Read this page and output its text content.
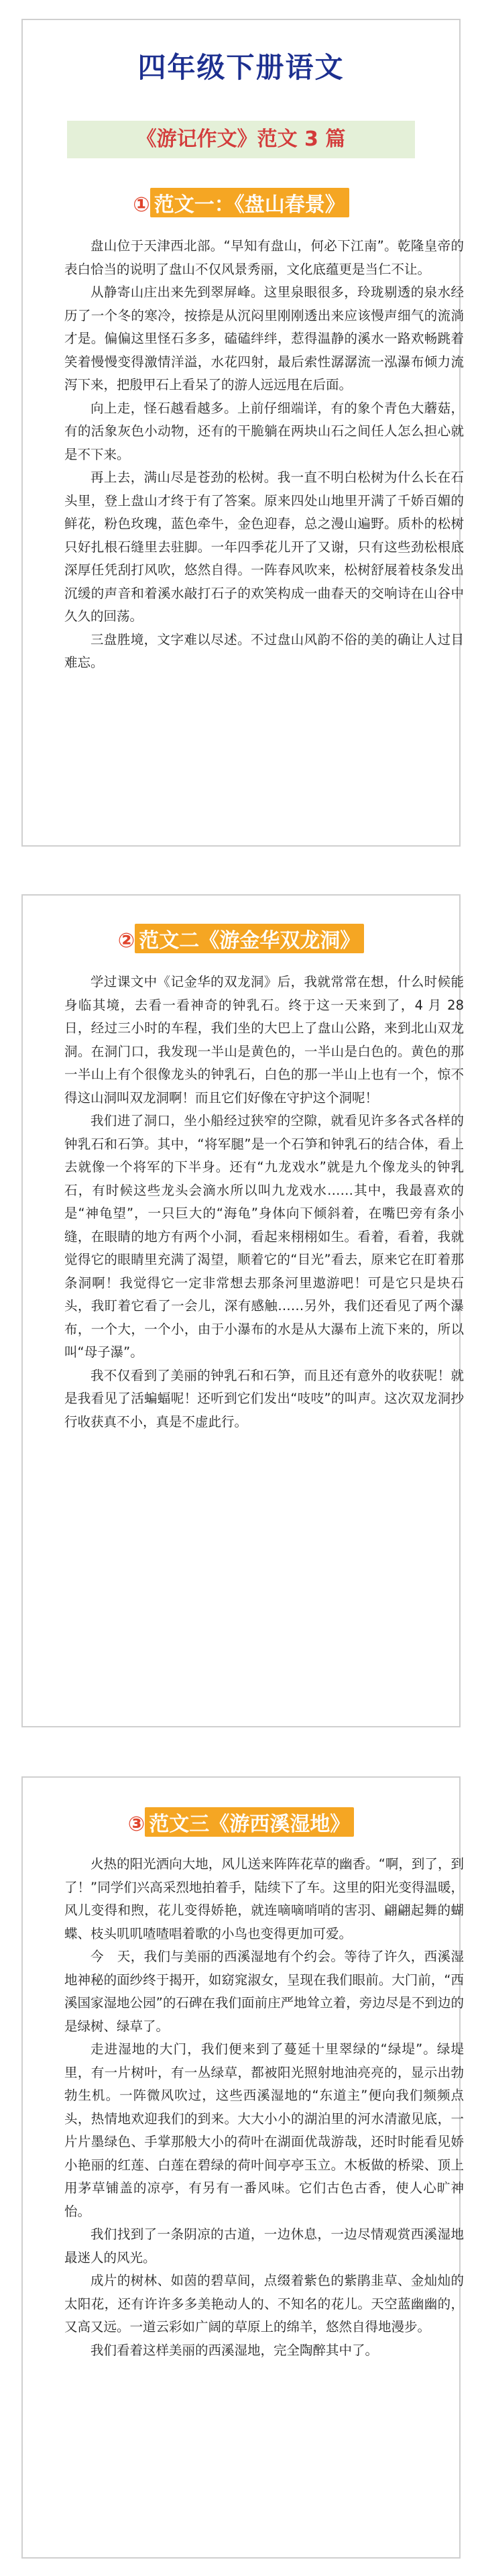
四年级下册语文
《游记作文》范文 3 篇
① 范文一：《盘山春景》

盘山位于天津西北部。“早知有盘山，何必下江南”。乾隆皇帝的表白恰当的说明了盘山不仅风景秀丽，文化底蕴更是当仁不让。

从静寄山庄出来先到翠屏峰。这里泉眼很多，玲珑剔透的泉水经历了一个冬的寒冷，按捺是从沉闷里刚刚透出来应该慢声细气的流淌才是。偏偏这里怪石多多，磕磕绊绊，惹得温静的溪水一路欢畅跳着笑着慢慢变得激情洋溢，水花四射，最后索性潺潺流一泓瀑布倾力流泻下来，把殷甲石上看呆了的游人远远甩在后面。

向上走，怪石越看越多。上前仔细端详，有的象个青色大蘑菇，有的活象灰色小动物，还有的干脆躺在两块山石之间任人怎么担心就是不下来。

再上去，满山尽是苍劲的松树。我一直不明白松树为什么长在石头里，登上盘山才终于有了答案。原来四处山地里开满了千娇百媚的鲜花，粉色玫瑰，蓝色牵牛，金色迎春，总之漫山遍野。质朴的松树只好扎根石缝里去驻脚。一年四季花儿开了又谢，只有这些劲松根底深厚任凭刮打风吹，悠然自得。一阵春风吹来，松树舒展着枝条发出沉缓的声音和着溪水敲打石子的欢笑构成一曲春天的交响诗在山谷中久久的回荡。

三盘胜境，文字难以尽述。不过盘山风韵不俗的美的确让人过目难忘。

② 范文二《游金华双龙洞》

学过课文中《记金华的双龙洞》后，我就常常在想，什么时候能身临其境，去看一看神奇的钟乳石。终于这一天来到了，4 月 28 日，经过三小时的车程，我们坐的大巴上了盘山公路，来到北山双龙洞。在洞门口，我发现一半山是黄色的，一半山是白色的。黄色的那一半山上有个很像龙头的钟乳石，白色的那一半山上也有一个，惊不得这山洞叫双龙洞啊！而且它们好像在守护这个洞呢！

我们进了洞口，坐小船经过狭窄的空隙，就看见许多各式各样的钟乳石和石笋。其中，“将军腿”是一个石笋和钟乳石的结合体，看上去就像一个将军的下半身。还有“九龙戏水”就是九个像龙头的钟乳石，有时候这些龙头会滴水所以叫九龙戏水……其中，我最喜欢的是“神龟望”，一只巨大的“海龟”身体向下倾斜着，在嘴巴旁有条小缝，在眼睛的地方有两个小洞，看起来栩栩如生。看着，看着，我就觉得它的眼睛里充满了渴望，顺着它的“目光”看去，原来它在盯着那条洞啊！我觉得它一定非常想去那条河里遨游吧！可是它只是块石头，我盯着它看了一会儿，深有感触……另外，我们还看见了两个瀑布，一个大，一个小，由于小瀑布的水是从大瀑布上流下来的，所以叫“母子瀑”。

我不仅看到了美丽的钟乳石和石笋，而且还有意外的收获呢！就是我看见了活蝙蝠呢！还听到它们发出“吱吱”的叫声。这次双龙洞抄行收获真不小，真是不虚此行。

③ 范文三《游西溪湿地》

火热的阳光洒向大地，风儿送来阵阵花草的幽香。“啊，到了，到了！”同学们兴高采烈地拍着手，陆续下了车。这里的阳光变得温暖，风儿变得和煦，花儿变得娇艳，就连嘀嘀哨哨的害羽、翩翩起舞的蝴蝶、枝头叽叽喳喳唱着歌的小鸟也变得更加可爱。

今　天，我们与美丽的西溪湿地有个约会。等待了许久，西溪湿地神秘的面纱终于揭开，如窈窕淑女，呈现在我们眼前。大门前，“西溪国家湿地公园”的石碑在我们面前庄严地耸立着，旁边尽是不到边的是绿树、绿草了。

走进湿地的大门，我们便来到了蔓延十里翠绿的“绿堤”。绿堤里，有一片树叶，有一丛绿草，都被阳光照射地油亮亮的，显示出勃勃生机。一阵微风吹过，这些西溪湿地的“东道主”便向我们频频点头，热情地欢迎我们的到来。大大小小的湖泊里的河水清澈见底，一片片墨绿色、手掌那般大小的荷叶在湖面优哉游哉，还时时能看见娇小艳丽的红莲、白莲在碧绿的荷叶间亭亭玉立。木板做的桥梁、顶上用茅草铺盖的凉亭，有另有一番风味。它们古色古香，使人心旷神怡。

我们找到了一条阴凉的古道，一边休息，一边尽情观赏西溪湿地最迷人的风光。

成片的树林、如茵的碧草间，点缀着紫色的紫鹃韭草、金灿灿的太阳花，还有许许多多美艳动人的、不知名的花儿。天空蓝幽幽的，又高又远。一道云彩如广阔的草原上的绵羊，悠然自得地漫步。

我们看着这样美丽的西溪湿地，完全陶醉其中了。
